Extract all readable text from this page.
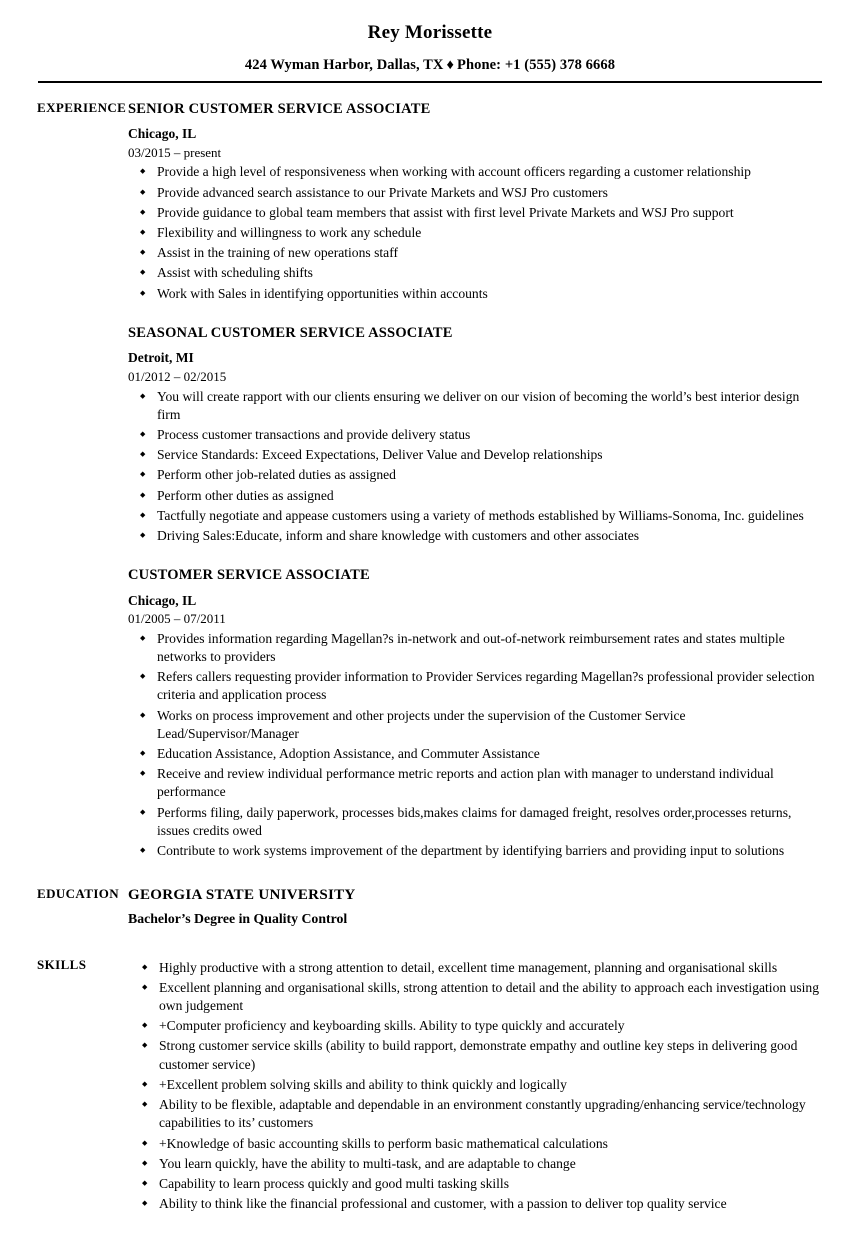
Rey Morissette
424 Wyman Harbor, Dallas, TX ♦ Phone: +1 (555) 378 6668
EXPERIENCE SENIOR CUSTOMER SERVICE ASSOCIATE
Chicago, IL
03/2015 – present
◆ Provide a high level of responsiveness when working with account officers regarding a customer relationship
◆ Provide advanced search assistance to our Private Markets and WSJ Pro customers
◆ Provide guidance to global team members that assist with first level Private Markets and WSJ Pro support
◆ Flexibility and willingness to work any schedule
◆ Assist in the training of new operations staff
◆ Assist with scheduling shifts
◆ Work with Sales in identifying opportunities within accounts
SEASONAL CUSTOMER SERVICE ASSOCIATE
Detroit, MI
01/2012 – 02/2015
◆ You will create rapport with our clients ensuring we deliver on our vision of becoming the world’s best interior design firm
◆ Process customer transactions and provide delivery status
◆ Service Standards: Exceed Expectations, Deliver Value and Develop relationships
◆ Perform other job-related duties as assigned
◆ Perform other duties as assigned
◆ Tactfully negotiate and appease customers using a variety of methods established by Williams-Sonoma, Inc. guidelines
◆ Driving Sales:Educate, inform and share knowledge with customers and other associates
CUSTOMER SERVICE ASSOCIATE
Chicago, IL
01/2005 – 07/2011
◆ Provides information regarding Magellan?s in-network and out-of-network reimbursement rates and states multiple networks to providers
◆ Refers callers requesting provider information to Provider Services regarding Magellan?s professional provider selection criteria and application process
◆ Works on process improvement and other projects under the supervision of the Customer Service Lead/Supervisor/Manager
◆ Education Assistance, Adoption Assistance, and Commuter Assistance
◆ Receive and review individual performance metric reports and action plan with manager to understand individual performance
◆ Performs filing, daily paperwork, processes bids,makes claims for damaged freight, resolves order,processes returns, issues credits owed
◆ Contribute to work systems improvement of the department by identifying barriers and providing input to solutions
EDUCATION GEORGIA STATE UNIVERSITY
Bachelor’s Degree in Quality Control
SKILLS	◆ Highly productive with a strong attention to detail, excellent time management, planning and organisational skills
◆ Excellent planning and organisational skills, strong attention to detail and the ability to approach each investigation using own judgement
◆ +Computer proficiency and keyboarding skills. Ability to type quickly and accurately
◆ Strong customer service skills (ability to build rapport, demonstrate empathy and outline key steps in delivering good customer service)
◆ +Excellent problem solving skills and ability to think quickly and logically
◆ Ability to be flexible, adaptable and dependable in an environment constantly upgrading/enhancing service/technology capabilities to its’ customers
◆ +Knowledge of basic accounting skills to perform basic mathematical calculations
◆ You learn quickly, have the ability to multi-task, and are adaptable to change
◆ Capability to learn process quickly and good multi tasking skills
◆ Ability to think like the financial professional and customer, with a passion to deliver top quality service
